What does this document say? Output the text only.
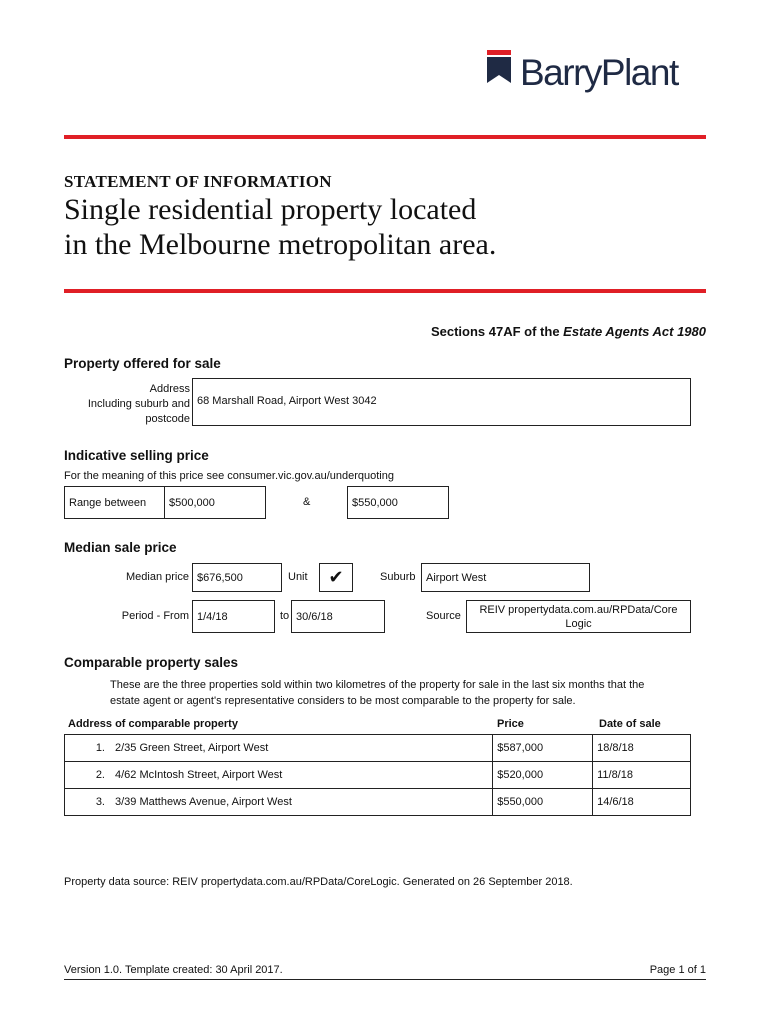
BarryPlant
STATEMENT OF INFORMATION
Single residential property located
in the Melbourne metropolitan area.
Sections 47AF of the Estate Agents Act 1980
Property offered for sale
Address
Including suburb and
postcode
68 Marshall Road, Airport West 3042
Indicative selling price
For the meaning of this price see consumer.vic.gov.au/underquoting
Range between	$500,000	&	$550,000
Median sale price
Median price $676,500	Unit ✔	Suburb Airport West
Period - From 1/4/18	to 30/6/18	Source
REIV propertydata.com.au/RPData/Core
Logic
Comparable property sales
These are the three properties sold within two kilometres of the property for sale in the last six months that the
estate agent or agent's representative considers to be most comparable to the property for sale.
Address of comparable property	Price	Date of sale
1. 2/35 Green Street, Airport West	$587,000	18/8/18
2. 4/62 McIntosh Street, Airport West	$520,000	11/8/18
3. 3/39 Matthews Avenue, Airport West	$550,000	14/6/18
Property data source: REIV propertydata.com.au/RPData/CoreLogic. Generated on 26 September 2018.
Version 1.0. Template created: 30 April 2017.	Page 1 of 1
